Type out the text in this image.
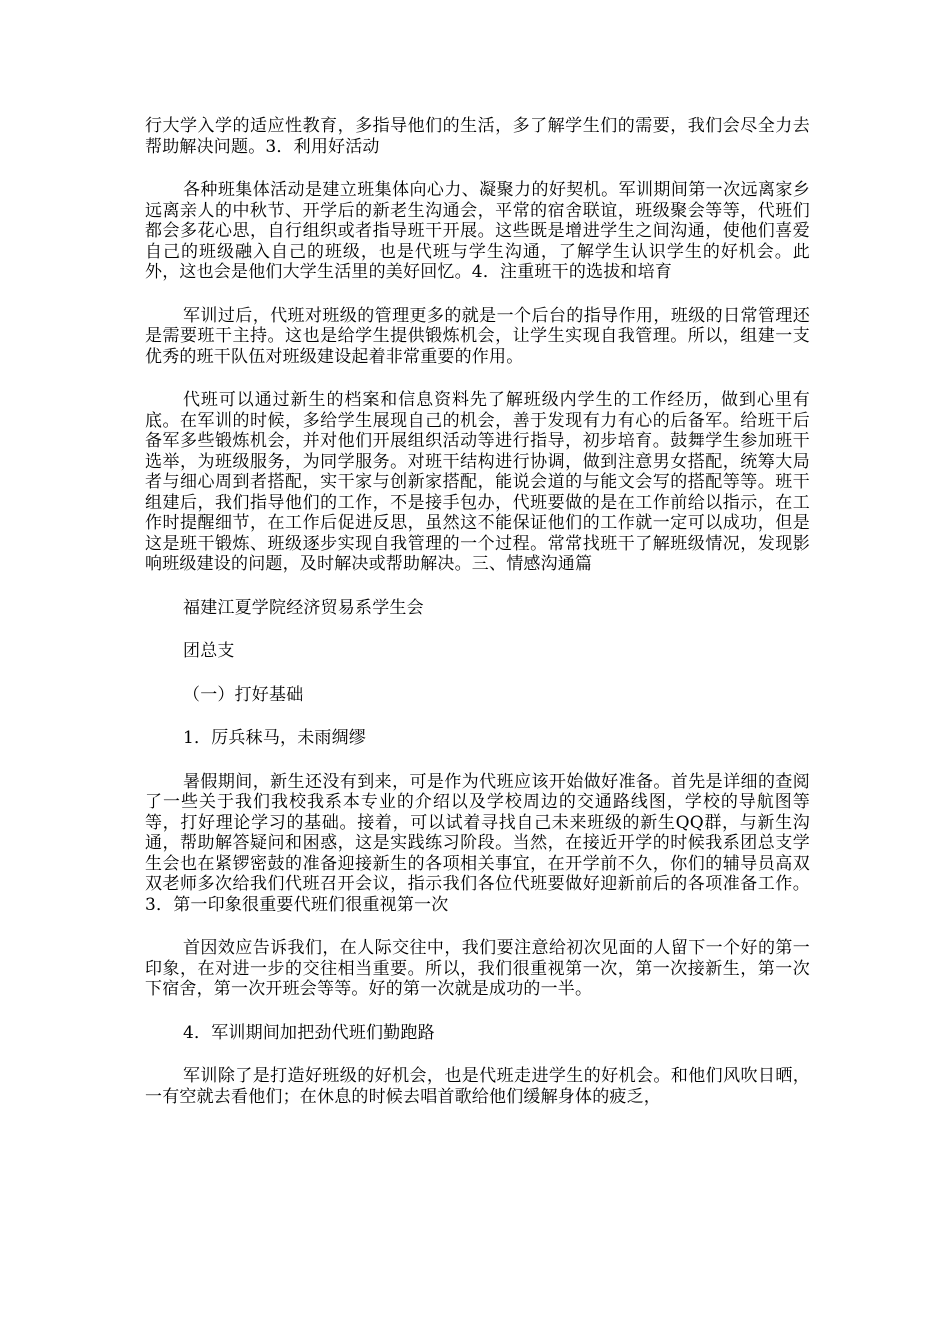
行大学入学的适应性教育，多指导他们的生活，多了解学生们的需要，我们会尽全力去帮助解决问题。3．利用好活动

各种班集体活动是建立班集体向心力、凝聚力的好契机。军训期间第一次远离家乡远离亲人的中秋节、开学后的新老生沟通会，平常的宿舍联谊，班级聚会等等，代班们都会多花心思，自行组织或者指导班干开展。这些既是增进学生之间沟通，使他们喜爱自己的班级融入自己的班级，也是代班与学生沟通，了解学生认识学生的好机会。此外，这也会是他们大学生活里的美好回忆。4．注重班干的选拔和培育

军训过后，代班对班级的管理更多的就是一个后台的指导作用，班级的日常管理还是需要班干主持。这也是给学生提供锻炼机会，让学生实现自我管理。所以，组建一支优秀的班干队伍对班级建设起着非常重要的作用。

代班可以通过新生的档案和信息资料先了解班级内学生的工作经历，做到心里有底。在军训的时候，多给学生展现自己的机会，善于发现有力有心的后备军。给班干后备军多些锻炼机会，并对他们开展组织活动等进行指导，初步培育。鼓舞学生参加班干选举，为班级服务，为同学服务。对班干结构进行协调，做到注意男女搭配，统筹大局者与细心周到者搭配，实干家与创新家搭配，能说会道的与能文会写的搭配等等。班干组建后，我们指导他们的工作，不是接手包办，代班要做的是在工作前给以指示，在工作时提醒细节，在工作后促进反思，虽然这不能保证他们的工作就一定可以成功，但是这是班干锻炼、班级逐步实现自我管理的一个过程。常常找班干了解班级情况，发现影响班级建设的问题，及时解决或帮助解决。三、情感沟通篇

福建江夏学院经济贸易系学生会

团总支

（一）打好基础

1．厉兵秣马，未雨绸缪

暑假期间，新生还没有到来，可是作为代班应该开始做好准备。首先是详细的查阅了一些关于我们我校我系本专业的介绍以及学校周边的交通路线图，学校的导航图等等，打好理论学习的基础。接着，可以试着寻找自己未来班级的新生QQ群，与新生沟通，帮助解答疑问和困惑，这是实践练习阶段。当然，在接近开学的时候我系团总支学生会也在紧锣密鼓的准备迎接新生的各项相关事宜，在开学前不久，你们的辅导员高双双老师多次给我们代班召开会议，指示我们各位代班要做好迎新前后的各项准备工作。3．第一印象很重要代班们很重视第一次

首因效应告诉我们，在人际交往中，我们要注意给初次见面的人留下一个好的第一印象，在对进一步的交往相当重要。所以，我们很重视第一次，第一次接新生，第一次下宿舍，第一次开班会等等。好的第一次就是成功的一半。

4．军训期间加把劲代班们勤跑路

军训除了是打造好班级的好机会，也是代班走进学生的好机会。和他们风吹日晒，一有空就去看他们；在休息的时候去唱首歌给他们缓解身体的疲乏，
